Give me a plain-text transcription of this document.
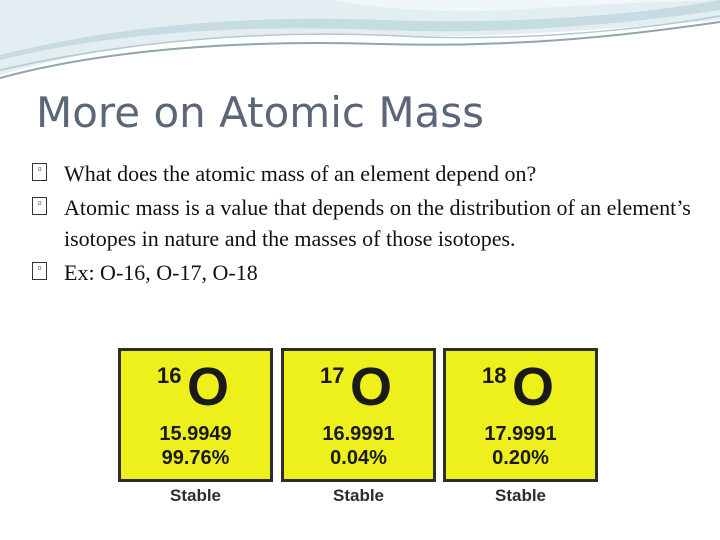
More on Atomic Mass
▫ What does the atomic mass of an element depend on?
▫ Atomic mass is a value that depends on the distribution of an element’s isotopes in nature and the masses of those isotopes.
▫ Ex: O-16, O-17, O-18
16 O
15.9949
99.76%
Stable
17 O
16.9991
0.04%
Stable
18 O
17.9991
0.20%
Stable
